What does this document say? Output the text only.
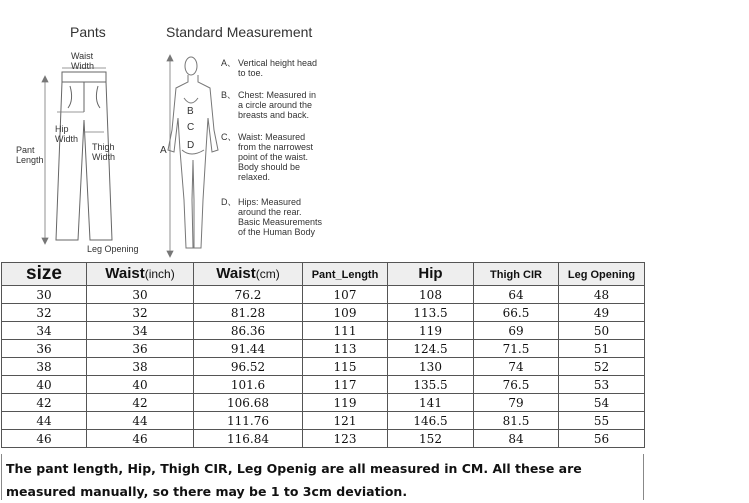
Pants	Standard Measurement
Waist
Width
Hip
Width
Thigh
Width
Pant
Length
Leg Opening
A
B
C
D
A、 Vertical height head
to toe.
B、 Chest: Measured in
a circle around the
breasts and back.
C、 Waist: Measured
from the narrowest
point of the waist.
Body should be
relaxed.
D、 Hips: Measured
around the rear.
Basic Measurements
of the Human Body
size	Waist(inch)	Waist(cm)	Pant_Length	Hip	Thigh CIR	Leg Opening
30	30	76.2	107	108	64	48
32	32	81.28	109	113.5	66.5	49
34	34	86.36	111	119	69	50
36	36	91.44	113	124.5	71.5	51
38	38	96.52	115	130	74	52
40	40	101.6	117	135.5	76.5	53
42	42	106.68	119	141	79	54
44	44	111.76	121	146.5	81.5	55
46	46	116.84	123	152	84	56
The pant length, Hip, Thigh CIR, Leg Openig are all measured in CM. All these are
measured manually, so there may be 1 to 3cm deviation.
